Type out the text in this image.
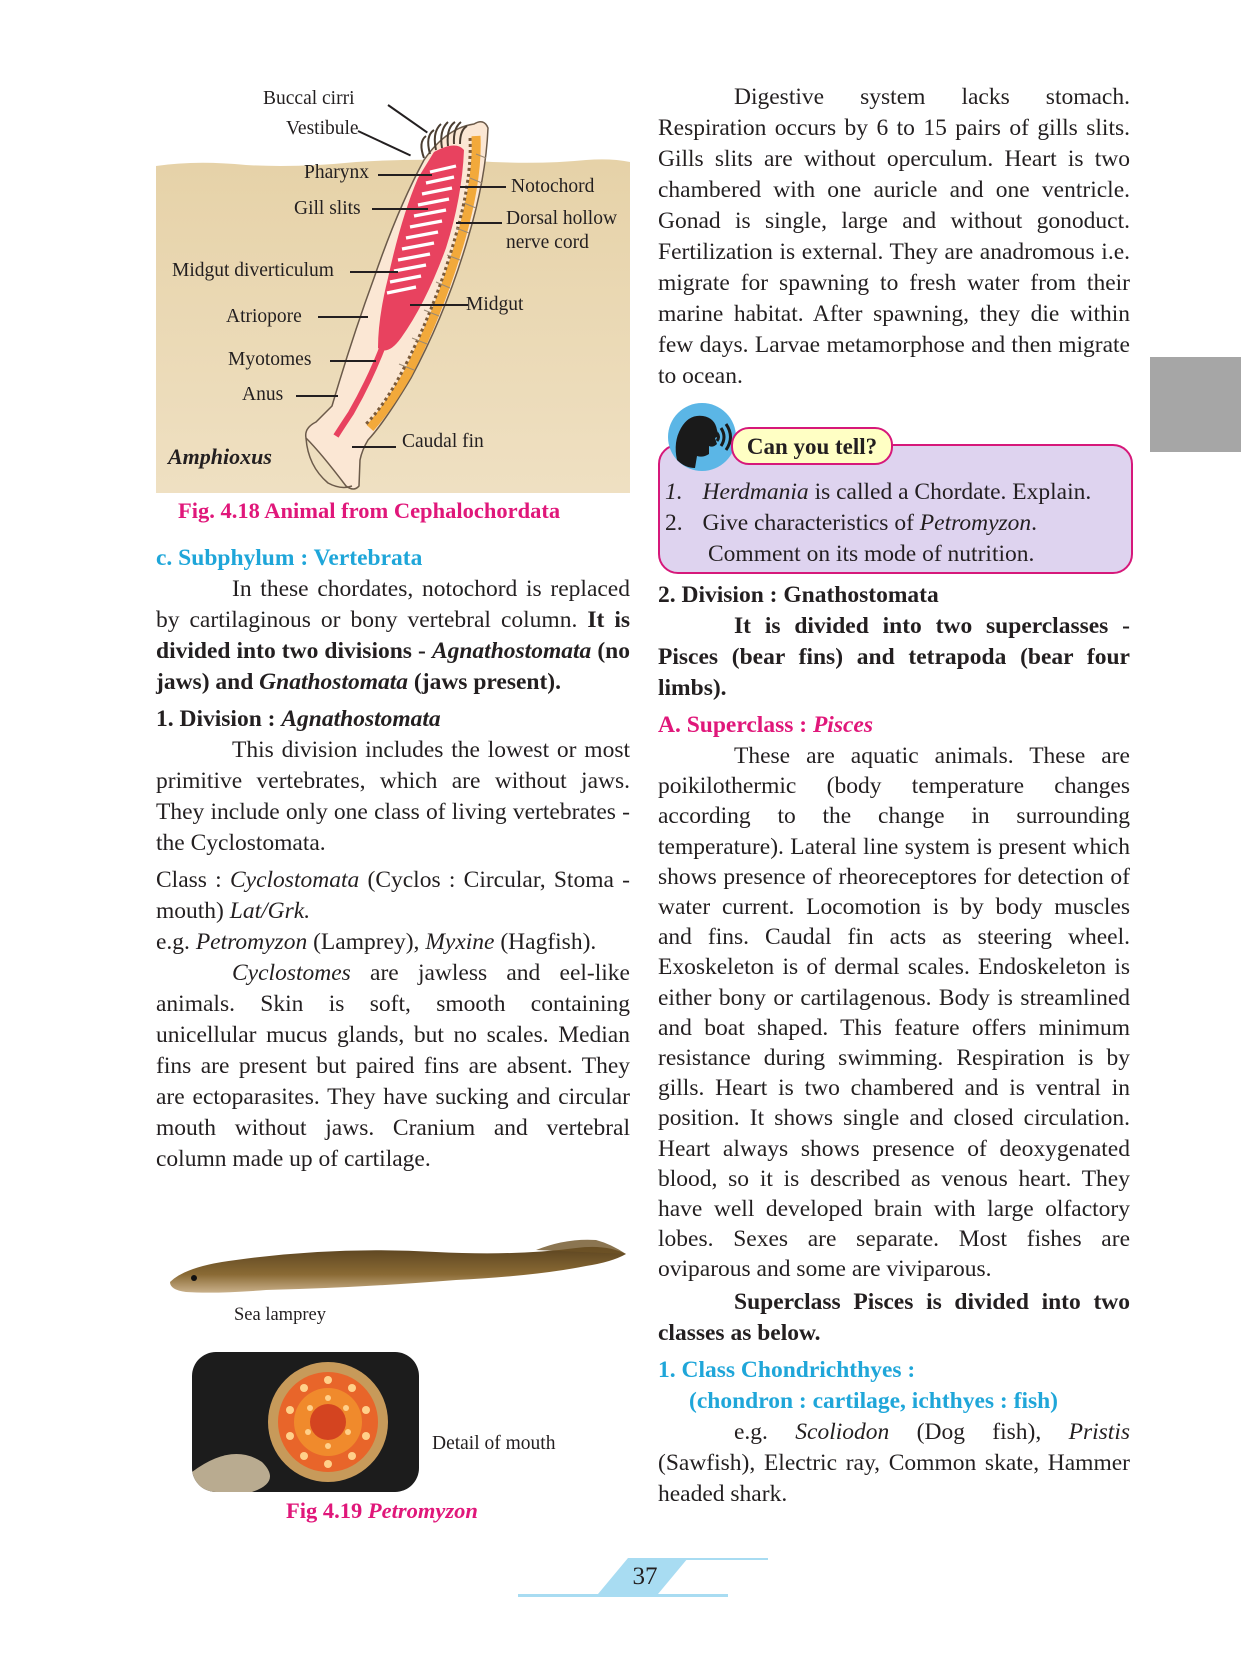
Buccal cirri
Vestibule
Pharynx
Gill slits
Notochord
Dorsal hollow
nerve cord
Midgut diverticulum
Atriopore
Midgut
Myotomes
Anus
Caudal fin
Amphioxus
Fig. 4.18 Animal from Cephalochordata
c. Subphylum : Vertebrata

In these chordates, notochord is replaced by cartilaginous or bony vertebral column. It is divided into two divisions - Agnathostomata (no jaws) and Gnathostomata (jaws present).

1. Division : Agnathostomata

This division includes the lowest or most primitive vertebrates, which are without jaws. They include only one class of living vertebrates - the Cyclostomata.

Class : Cyclostomata (Cyclos : Circular, Stoma - mouth) Lat/Grk.

e.g. Petromyzon (Lamprey), Myxine (Hagfish).

Cyclostomes are jawless and eel-like animals. Skin is soft, smooth containing unicellular mucus glands, but no scales. Median fins are present but paired fins are absent. They are ectoparasites. They have sucking and circular mouth without jaws. Cranium and vertebral column made up of cartilage.

Sea lamprey
Detail of mouth
Fig 4.19 Petromyzon

Digestive system lacks stomach. Respiration occurs by 6 to 15 pairs of gills slits. Gills slits are without operculum. Heart is two chambered with one auricle and one ventricle. Gonad is single, large and without gonoduct. Fertilization is external. They are anadromous i.e. migrate for spawning to fresh water from their marine habitat. After spawning, they die within few days. Larvae metamorphose and then migrate to ocean.

Can you tell?
1. Herdmania is called a Chordate. Explain.
2. Give characteristics of Petromyzon.
Comment on its mode of nutrition.

2. Division : Gnathostomata

It is divided into two superclasses - Pisces (bear fins) and tetrapoda (bear four limbs).

A. Superclass : Pisces

These are aquatic animals. These are poikilothermic (body temperature changes according to the change in surrounding temperature). Lateral line system is present which shows presence of rheoreceptores for detection of water current. Locomotion is by body muscles and fins. Caudal fin acts as steering wheel. Exoskeleton is of dermal scales. Endoskeleton is either bony or cartilagenous. Body is streamlined and boat shaped. This feature offers minimum resistance during swimming. Respiration is by gills. Heart is two chambered and is ventral in position. It shows single and closed circulation. Heart always shows presence of deoxygenated blood, so it is described as venous heart. They have well developed brain with large olfactory lobes. Sexes are separate. Most fishes are oviparous and some are viviparous.

Superclass Pisces is divided into two classes as below.

1. Class Chondrichthyes :

(chondron : cartilage, ichthyes : fish)

e.g. Scoliodon (Dog fish), Pristis (Sawfish), Electric ray, Common skate, Hammer headed shark.

37
